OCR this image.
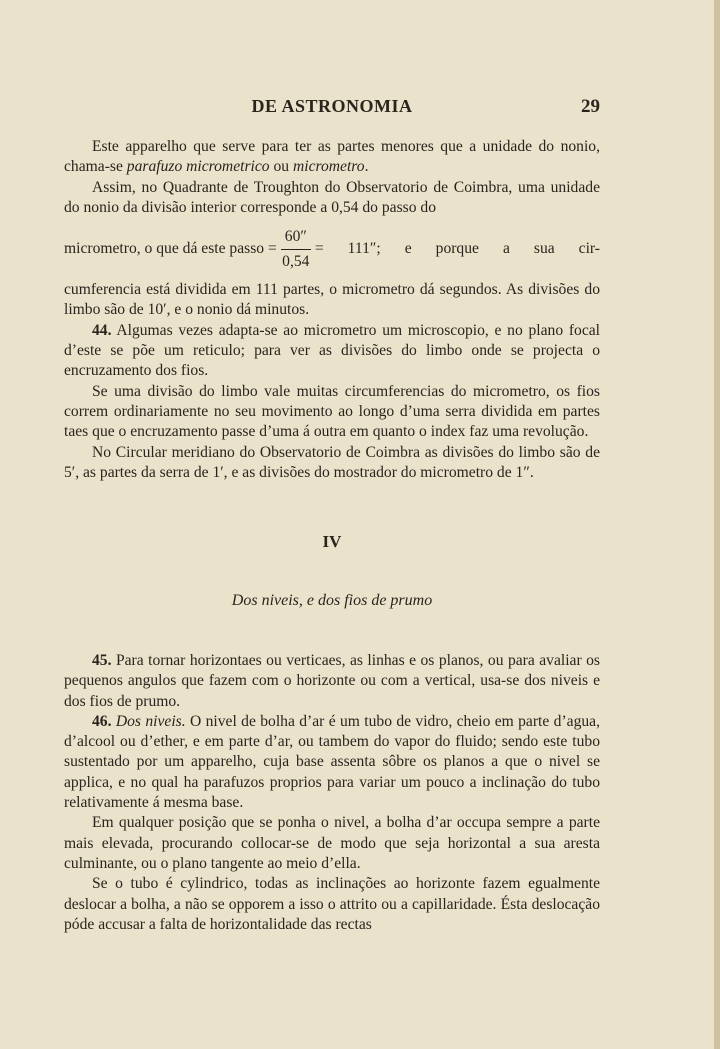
DE ASTRONOMIA	29

Este apparelho que serve para ter as partes menores que a unidade do nonio, chama-se parafuzo micrometrico ou micrometro.

Assim, no Quadrante de Troughton do Observatorio de Coimbra, uma unidade do nonio da divisão interior corresponde a 0,54 do passo do

micrometro, o que dá este passo = $\frac{60''}{0,54} = 111''$; e porque a sua cir-

cumferencia está dividida em 111 partes, o micrometro dá segundos. As divisões do limbo são de 10′, e o nonio dá minutos.

44. Algumas vezes adapta-se ao micrometro um microscopio, e no plano focal d’este se põe um reticulo; para ver as divisões do limbo onde se projecta o encruzamento dos fios.

Se uma divisão do limbo vale muitas circumferencias do micrometro, os fios correm ordinariamente no seu movimento ao longo d’uma serra dividida em partes taes que o encruzamento passe d’uma á outra em quanto o index faz uma revolução.

No Circular meridiano do Observatorio de Coimbra as divisões do limbo são de 5′, as partes da serra de 1′, e as divisões do mostrador do micrometro de 1″.

IV
Dos niveis, e dos fios de prumo

45. Para tornar horizontaes ou verticaes, as linhas e os planos, ou para avaliar os pequenos angulos que fazem com o horizonte ou com a vertical, usa-se dos niveis e dos fios de prumo.

46. Dos niveis. O nivel de bolha d’ar é um tubo de vidro, cheio em parte d’agua, d’alcool ou d’ether, e em parte d’ar, ou tambem do vapor do fluido; sendo este tubo sustentado por um apparelho, cuja base assenta sôbre os planos a que o nivel se applica, e no qual ha parafuzos proprios para variar um pouco a inclinação do tubo relativamente á mesma base.

Em qualquer posição que se ponha o nivel, a bolha d’ar occupa sempre a parte mais elevada, procurando collocar-se de modo que seja horizontal a sua aresta culminante, ou o plano tangente ao meio d’ella.

Se o tubo é cylindrico, todas as inclinações ao horizonte fazem egualmente deslocar a bolha, a não se opporem a isso o attrito ou a capillaridade. Ésta deslocação póde accusar a falta de horizontalidade das rectas
